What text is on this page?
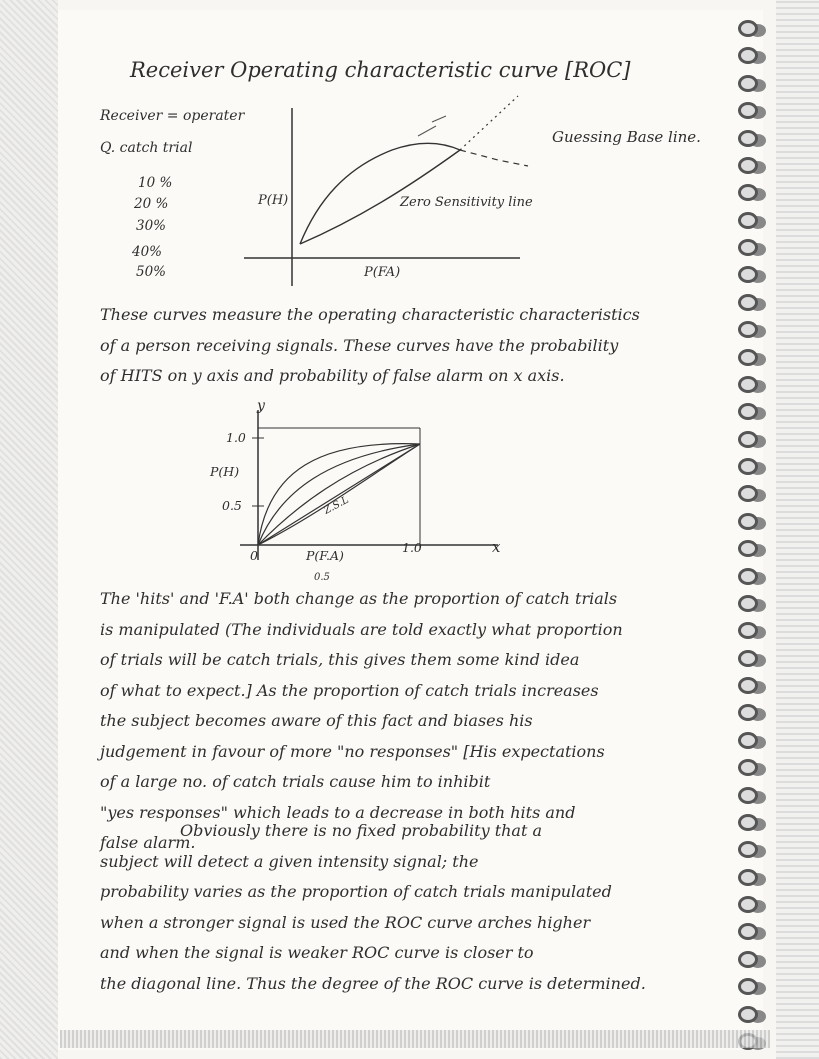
Receiver Operating characteristic curve [ROC]
Receiver = operater
Q. catch trial
10 %
20 %
30%
40%
50%
P(H)
P(FA)
Zero Sensitivity line
Guessing Base line.
These curves measure the operating characteristic characteristics
of a person receiving signals. These curves have the probability
of HITS on y axis and probability of false alarm on x axis.
y
x
P(H)
1.0
0.5
1.0
0	P(F.A)
0.5
Z.S.L
The 'hits' and 'F.A' both change as the proportion of catch trials
is manipulated (The individuals are told exactly what proportion
of trials will be catch trials, this gives them some kind idea
of what to expect.] As the proportion of catch trials increases
the subject becomes aware of this fact and biases his
judgement in favour of more "no responses" [His expectations
of a large no. of catch trials cause him to inhibit
"yes responses" which leads to a decrease in both hits and
false alarm.
Obviously there is no fixed probability that a
subject will detect a given intensity signal; the
probability varies as the proportion of catch trials manipulated
when a stronger signal is used the ROC curve arches higher
and when the signal is weaker ROC curve is closer to
the diagonal line. Thus the degree of the ROC curve is determined.
